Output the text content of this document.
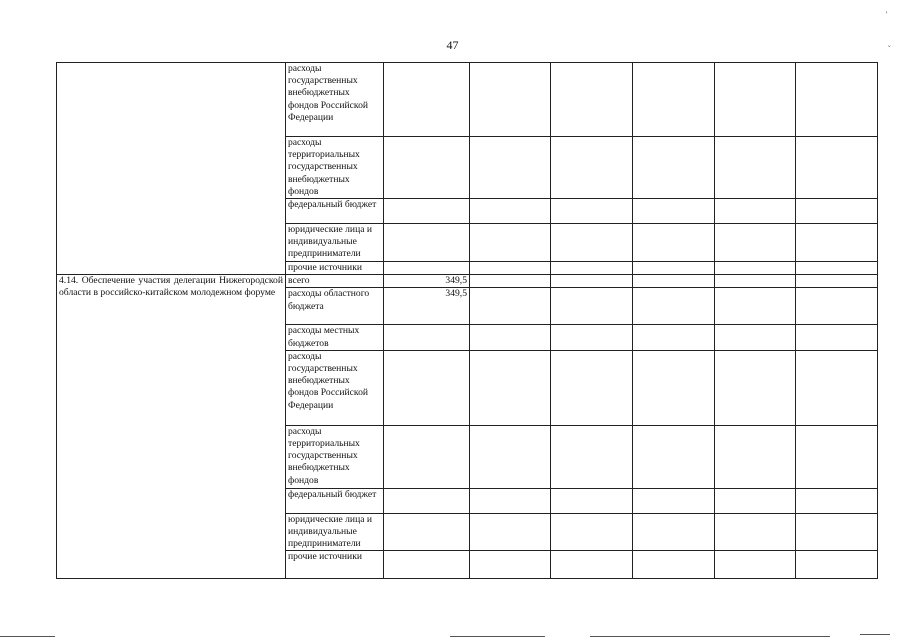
47
	расходы государственных внебюджетных фондов Российской Федерации						
	расходы территориальных государственных внебюджетных фондов						
	федеральный бюджет						
	юридические лица и индивидуальные предприниматели						
	прочие источники						
4.14. Обеспечение участия делегации Нижегородской области в российско-китайском молодежном форуме	всего	349,5					
	расходы областного бюджета	349,5					
	расходы местных бюджетов						
	расходы государственных внебюджетных фондов Российской Федерации						
	расходы территориальных государственных внебюджетных фондов						
	федеральный бюджет						
	юридические лица и индивидуальные предприниматели						
	прочие источники						
'
˘
